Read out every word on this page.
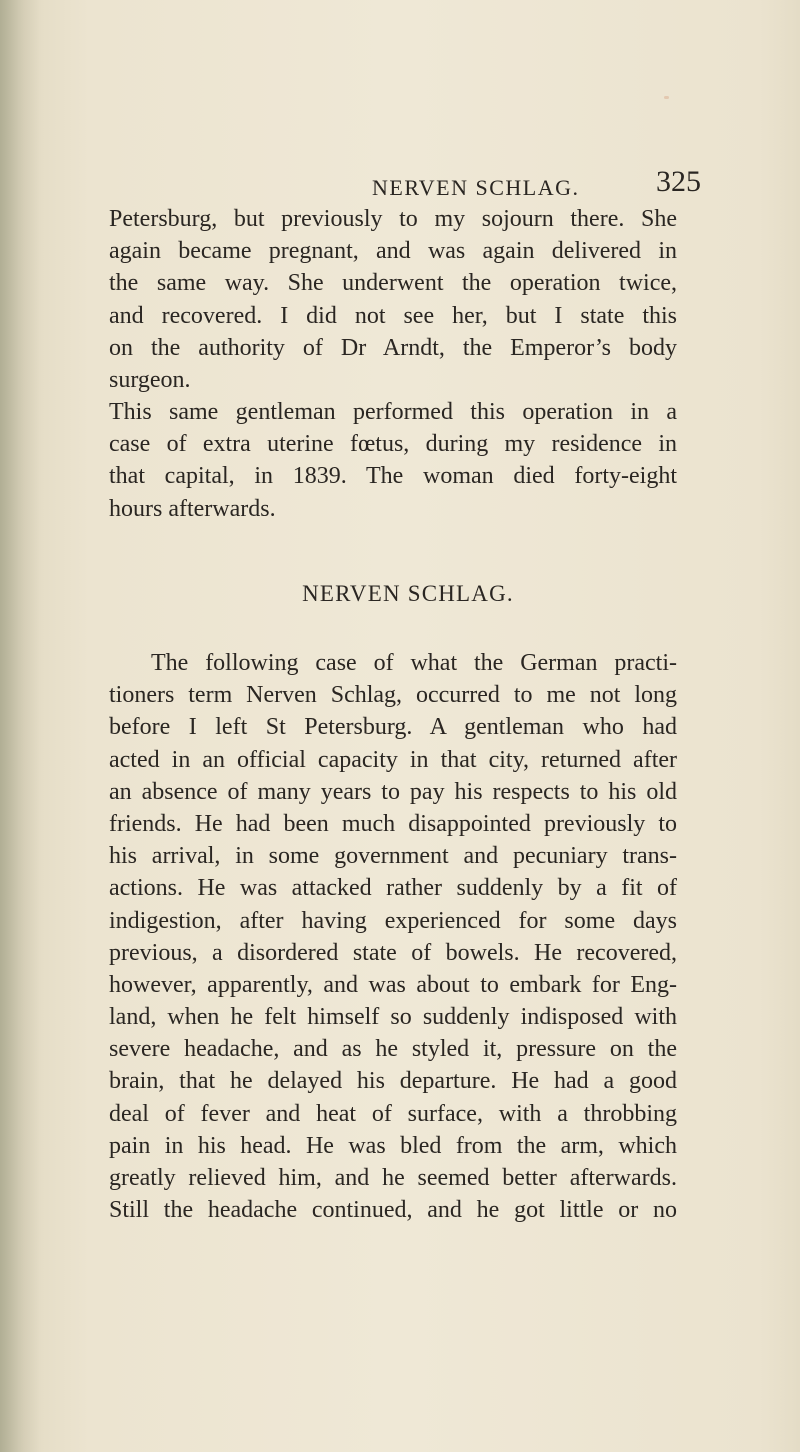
NERVEN SCHLAG.	325
Petersburg, but previously to my sojourn there. She
again became pregnant, and was again delivered in
the same way. She underwent the operation twice,
and recovered. I did not see her, but I state this
on the authority of Dr Arndt, the Emperor’s body
surgeon.
This same gentleman performed this operation in a
case of extra uterine fœtus, during my residence in
that capital, in 1839. The woman died forty-eight
hours afterwards.
NERVEN SCHLAG.
The following case of what the German practi-
tioners term Nerven Schlag, occurred to me not long
before I left St Petersburg. A gentleman who had
acted in an official capacity in that city, returned after
an absence of many years to pay his respects to his old
friends. He had been much disappointed previously to
his arrival, in some government and pecuniary trans-
actions. He was attacked rather suddenly by a fit of
indigestion, after having experienced for some days
previous, a disordered state of bowels. He recovered,
however, apparently, and was about to embark for Eng-
land, when he felt himself so suddenly indisposed with
severe headache, and as he styled it, pressure on the
brain, that he delayed his departure. He had a good
deal of fever and heat of surface, with a throbbing
pain in his head. He was bled from the arm, which
greatly relieved him, and he seemed better afterwards.
Still the headache continued, and he got little or no
